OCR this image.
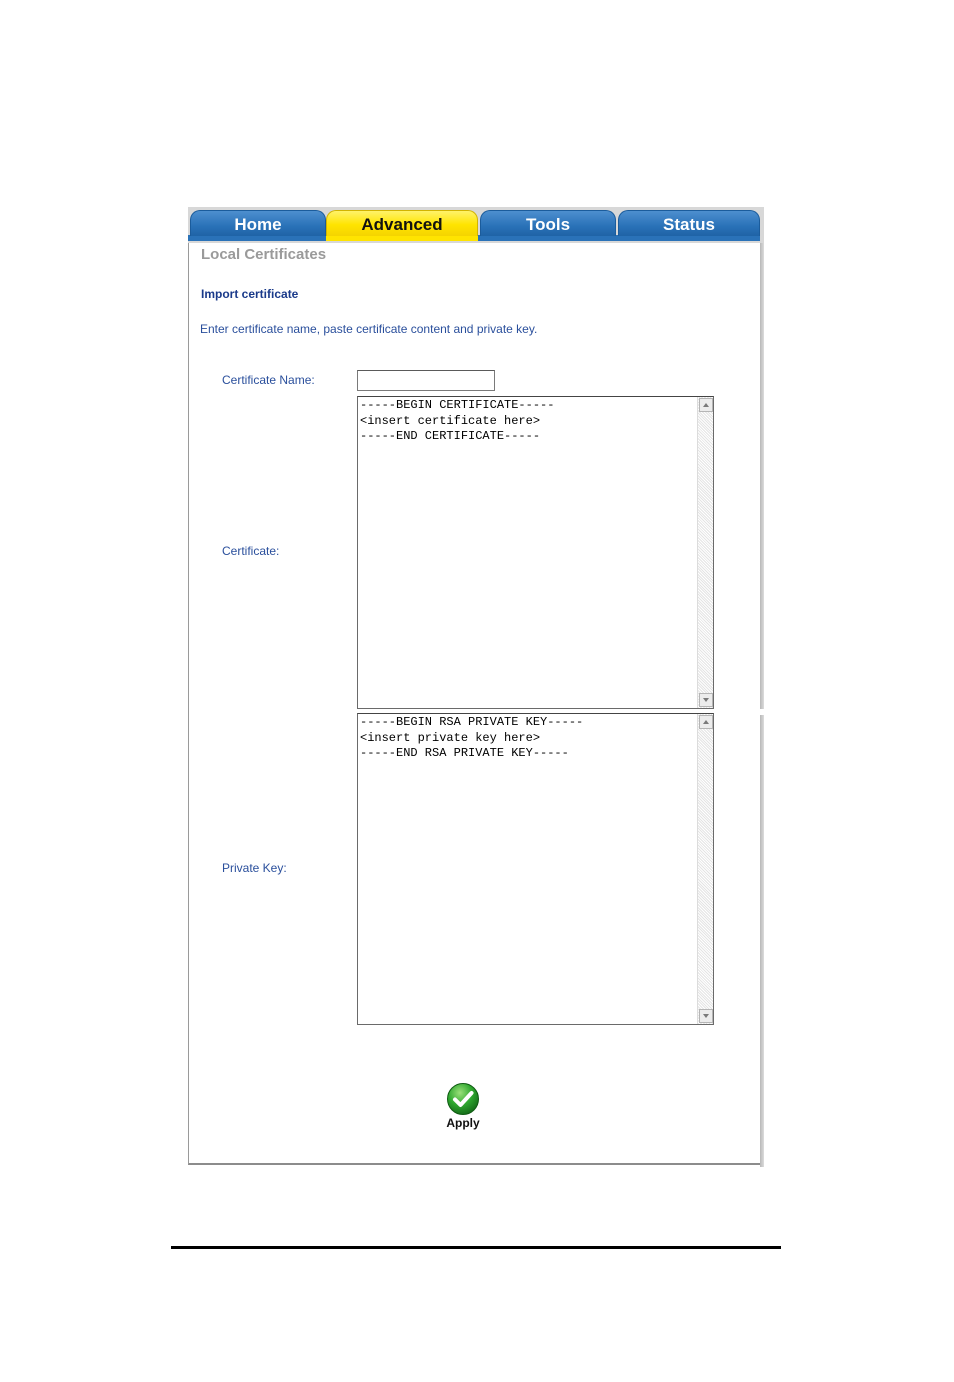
Home	Advanced	Tools	Status
Local Certificates
Import certificate
Enter certificate name, paste certificate content and private key.
Certificate Name:
Certificate:
-----BEGIN CERTIFICATE-----
<insert certificate here>
-----END CERTIFICATE-----
Private Key:
-----BEGIN RSA PRIVATE KEY-----
<insert private key here>
-----END RSA PRIVATE KEY-----
Apply
